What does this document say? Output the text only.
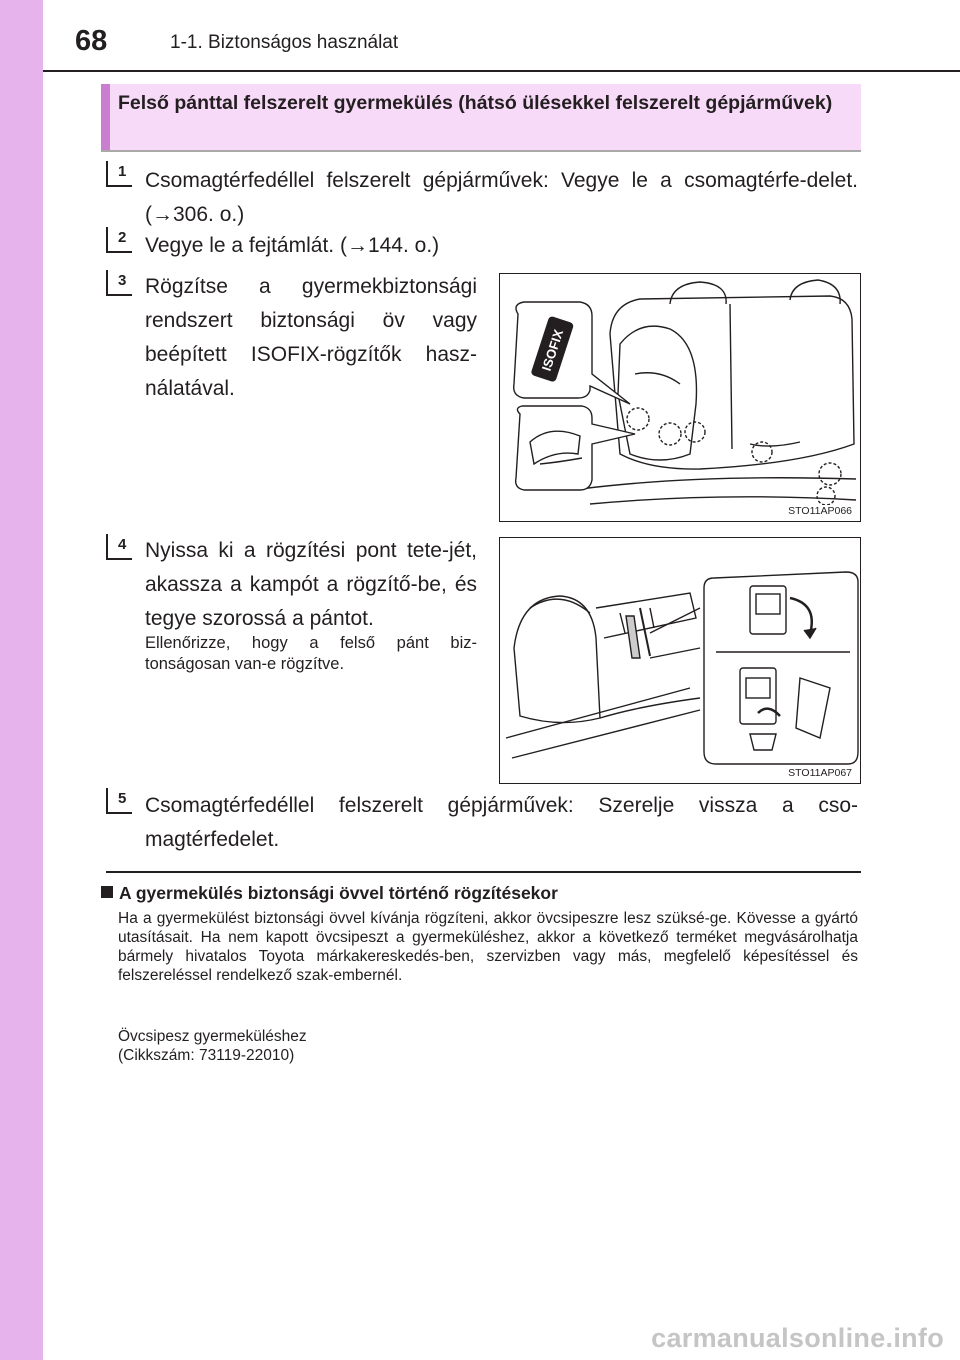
68	1-1. Biztonságos használat
Felső pánttal felszerelt gyermekülés (hátsó ülésekkel felszerelt gépjárművek)
1 Csomagtérfedéllel felszerelt gépjárművek: Vegye le a csomagtérfe-delet. (→306. o.)
2 Vegye le a fejtámlát. (→144. o.)
3 Rögzítse a gyermekbiztonsági rendszert biztonsági öv vagy beépített ISOFIX-rögzítők hasz-nálatával.
ISOFIX
STO11AP066
4 Nyissa ki a rögzítési pont tete-jét, akassza a kampót a rögzítő-be, és tegye szorossá a pántot.
Ellenőrizze, hogy a felső pánt biz-tonságosan van-e rögzítve.
STO11AP067
5 Csomagtérfedéllel felszerelt gépjárművek: Szerelje vissza a cso-magtérfedelet.
A gyermekülés biztonsági övvel történő rögzítésekor
Ha a gyermekülést biztonsági övvel kívánja rögzíteni, akkor övcsipeszre lesz szüksé-ge. Kövesse a gyártó utasításait. Ha nem kapott övcsipeszt a gyermeküléshez, akkor a következő terméket megvásárolhatja bármely hivatalos Toyota márkakereskedés-ben, szervizben vagy más, megfelelő képesítéssel és felszereléssel rendelkező szak-embernél.
Övcsipesz gyermeküléshez
(Cikkszám: 73119-22010)
carmanualsonline.info
